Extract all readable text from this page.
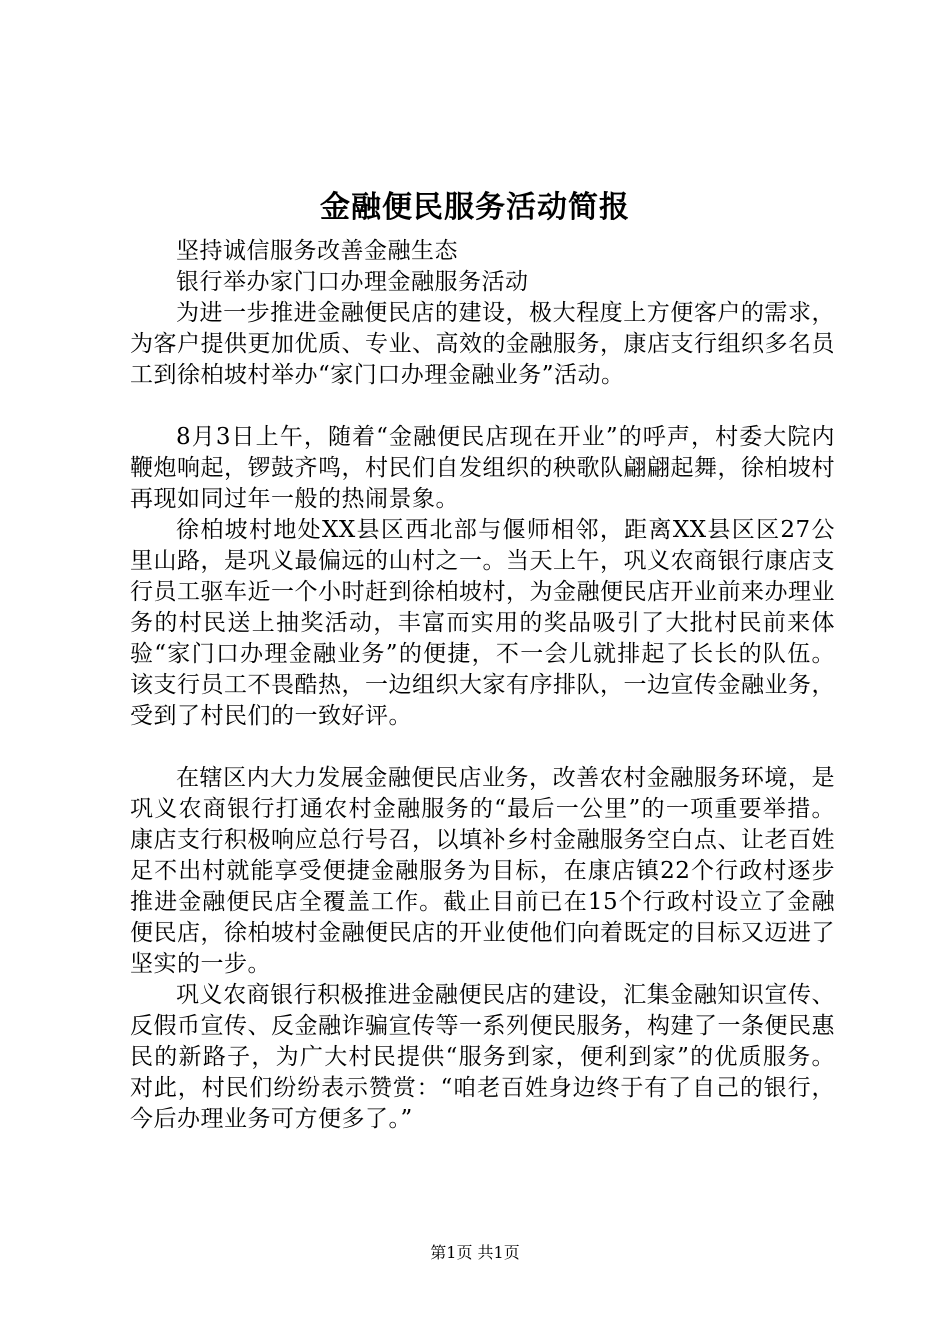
金融便民服务活动简报

坚持诚信服务改善金融生态

银行举办家门口办理金融服务活动

为进一步推进金融便民店的建设，极大程度上方便客户的需求，为客户提供更加优质、专业、高效的金融服务，康店支行组织多名员工到徐柏坡村举办“家门口办理金融业务”活动。

8月3日上午，随着“金融便民店现在开业”的呼声，村委大院内鞭炮响起，锣鼓齐鸣，村民们自发组织的秧歌队翩翩起舞，徐柏坡村再现如同过年一般的热闹景象。

徐柏坡村地处XX县区西北部与偃师相邻，距离XX县区区27公里山路，是巩义最偏远的山村之一。当天上午，巩义农商银行康店支行员工驱车近一个小时赶到徐柏坡村，为金融便民店开业前来办理业务的村民送上抽奖活动，丰富而实用的奖品吸引了大批村民前来体验“家门口办理金融业务”的便捷，不一会儿就排起了长长的队伍。该支行员工不畏酷热，一边组织大家有序排队，一边宣传金融业务，受到了村民们的一致好评。

在辖区内大力发展金融便民店业务，改善农村金融服务环境，是巩义农商银行打通农村金融服务的“最后一公里”的一项重要举措。康店支行积极响应总行号召，以填补乡村金融服务空白点、让老百姓足不出村就能享受便捷金融服务为目标，在康店镇22个行政村逐步推进金融便民店全覆盖工作。截止目前已在15个行政村设立了金融便民店，徐柏坡村金融便民店的开业使他们向着既定的目标又迈进了坚实的一步。

巩义农商银行积极推进金融便民店的建设，汇集金融知识宣传、反假币宣传、反金融诈骗宣传等一系列便民服务，构建了一条便民惠民的新路子，为广大村民提供“服务到家，便利到家”的优质服务。对此，村民们纷纷表示赞赏：“咱老百姓身边终于有了自己的银行，今后办理业务可方便多了。”

第1页 共1页
